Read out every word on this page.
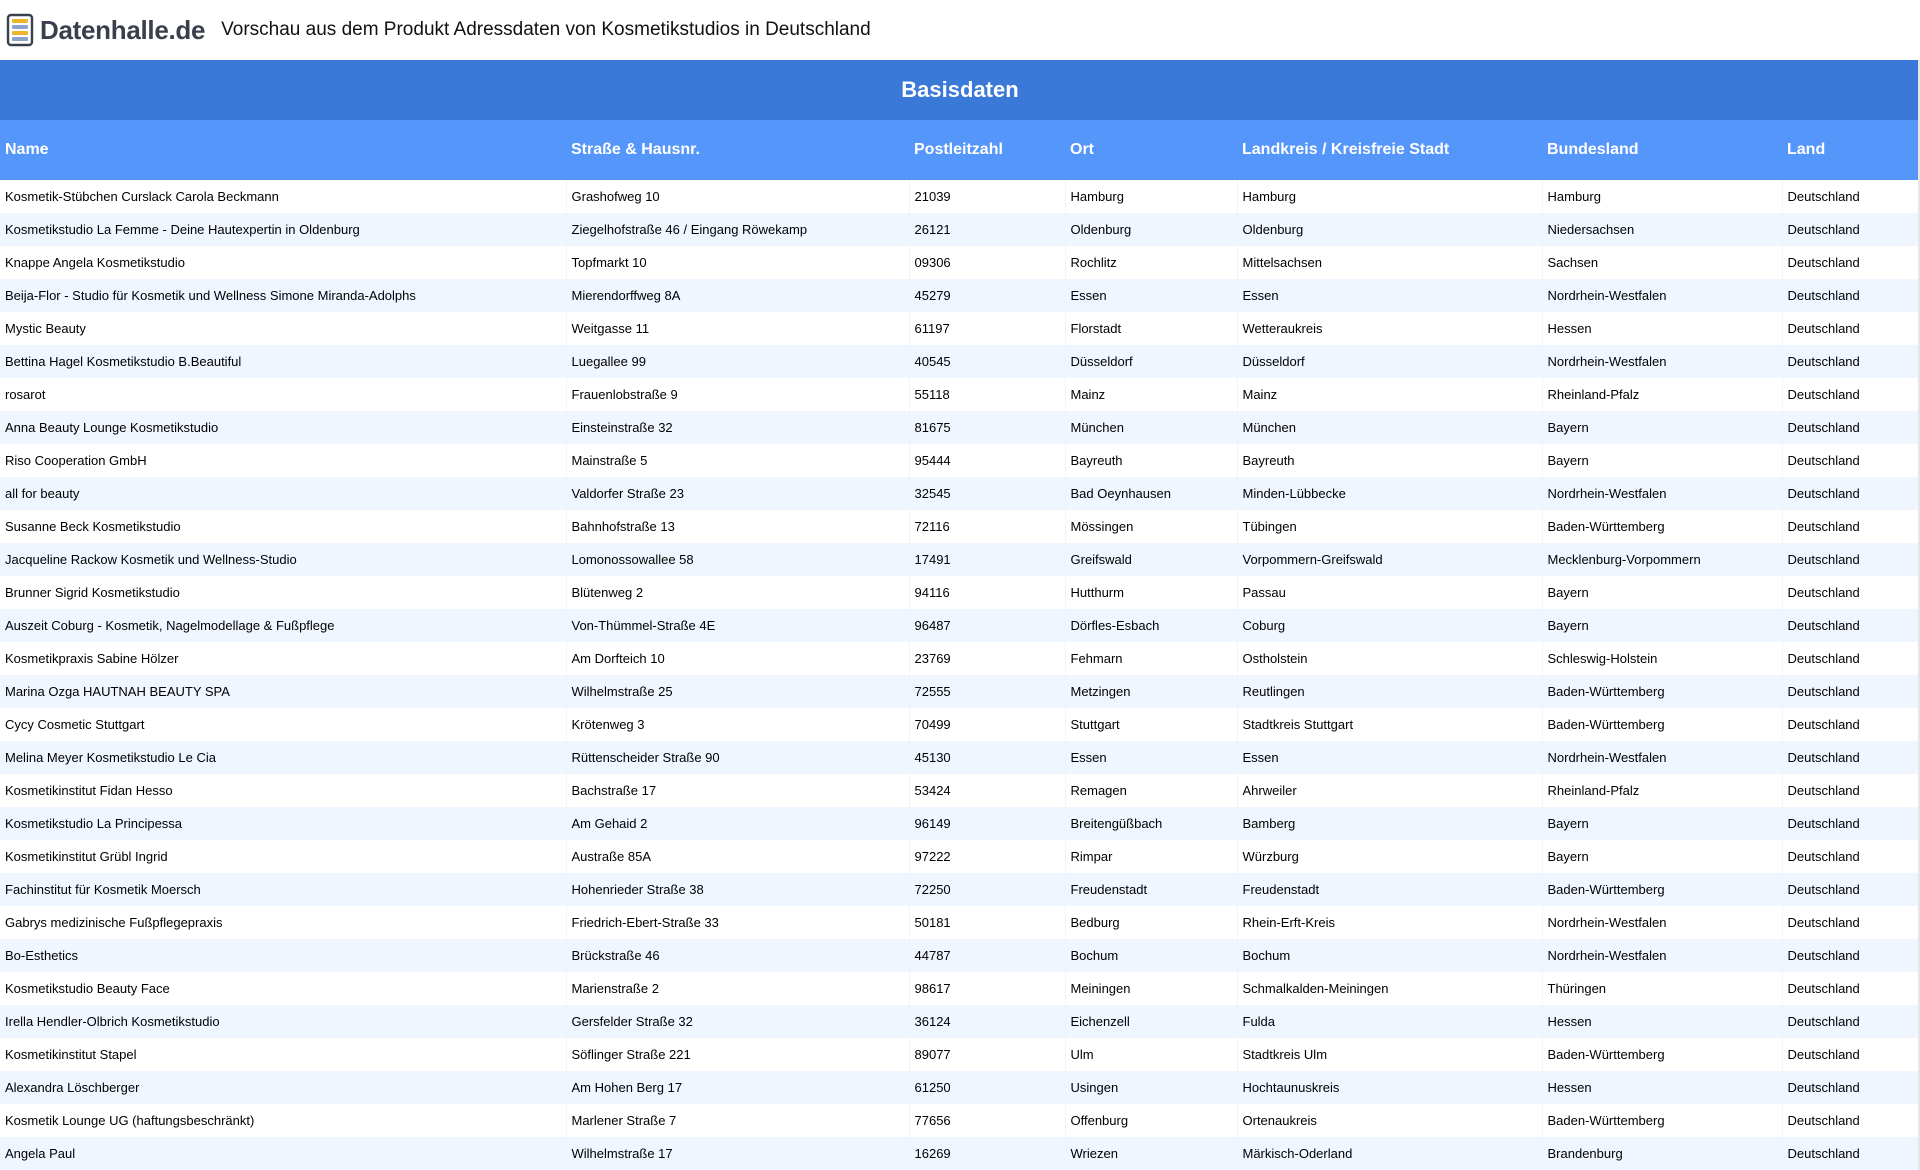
Datenhalle.de Vorschau aus dem Produkt Adressdaten von Kosmetikstudios in Deutschland
Basisdaten
Name	Straße & Hausnr.	Postleitzahl	Ort	Landkreis / Kreisfreie Stadt	Bundesland	Land
Kosmetik-Stübchen Curslack Carola Beckmann	Grashofweg 10	21039	Hamburg	Hamburg	Hamburg	Deutschland
Kosmetikstudio La Femme - Deine Hautexpertin in Oldenburg	Ziegelhofstraße 46 / Eingang Röwekamp	26121	Oldenburg	Oldenburg	Niedersachsen	Deutschland
Knappe Angela Kosmetikstudio	Topfmarkt 10	09306	Rochlitz	Mittelsachsen	Sachsen	Deutschland
Beija-Flor - Studio für Kosmetik und Wellness Simone Miranda-Adolphs	Mierendorffweg 8A	45279	Essen	Essen	Nordrhein-Westfalen	Deutschland
Mystic Beauty	Weitgasse 11	61197	Florstadt	Wetteraukreis	Hessen	Deutschland
Bettina Hagel Kosmetikstudio B.Beautiful	Luegallee 99	40545	Düsseldorf	Düsseldorf	Nordrhein-Westfalen	Deutschland
rosarot	Frauenlobstraße 9	55118	Mainz	Mainz	Rheinland-Pfalz	Deutschland
Anna Beauty Lounge Kosmetikstudio	Einsteinstraße 32	81675	München	München	Bayern	Deutschland
Riso Cooperation GmbH	Mainstraße 5	95444	Bayreuth	Bayreuth	Bayern	Deutschland
all for beauty	Valdorfer Straße 23	32545	Bad Oeynhausen	Minden-Lübbecke	Nordrhein-Westfalen	Deutschland
Susanne Beck Kosmetikstudio	Bahnhofstraße 13	72116	Mössingen	Tübingen	Baden-Württemberg	Deutschland
Jacqueline Rackow Kosmetik und Wellness-Studio	Lomonossowallee 58	17491	Greifswald	Vorpommern-Greifswald	Mecklenburg-Vorpommern	Deutschland
Brunner Sigrid Kosmetikstudio	Blütenweg 2	94116	Hutthurm	Passau	Bayern	Deutschland
Auszeit Coburg - Kosmetik, Nagelmodellage & Fußpflege	Von-Thümmel-Straße 4E	96487	Dörfles-Esbach	Coburg	Bayern	Deutschland
Kosmetikpraxis Sabine Hölzer	Am Dorfteich 10	23769	Fehmarn	Ostholstein	Schleswig-Holstein	Deutschland
Marina Ozga HAUTNAH BEAUTY SPA	Wilhelmstraße 25	72555	Metzingen	Reutlingen	Baden-Württemberg	Deutschland
Cycy Cosmetic Stuttgart	Krötenweg 3	70499	Stuttgart	Stadtkreis Stuttgart	Baden-Württemberg	Deutschland
Melina Meyer Kosmetikstudio Le Cia	Rüttenscheider Straße 90	45130	Essen	Essen	Nordrhein-Westfalen	Deutschland
Kosmetikinstitut Fidan Hesso	Bachstraße 17	53424	Remagen	Ahrweiler	Rheinland-Pfalz	Deutschland
Kosmetikstudio La Principessa	Am Gehaid 2	96149	Breitengüßbach	Bamberg	Bayern	Deutschland
Kosmetikinstitut Grübl Ingrid	Austraße 85A	97222	Rimpar	Würzburg	Bayern	Deutschland
Fachinstitut für Kosmetik Moersch	Hohenrieder Straße 38	72250	Freudenstadt	Freudenstadt	Baden-Württemberg	Deutschland
Gabrys medizinische Fußpflegepraxis	Friedrich-Ebert-Straße 33	50181	Bedburg	Rhein-Erft-Kreis	Nordrhein-Westfalen	Deutschland
Bo-Esthetics	Brückstraße 46	44787	Bochum	Bochum	Nordrhein-Westfalen	Deutschland
Kosmetikstudio Beauty Face	Marienstraße 2	98617	Meiningen	Schmalkalden-Meiningen	Thüringen	Deutschland
Irella Hendler-Olbrich Kosmetikstudio	Gersfelder Straße 32	36124	Eichenzell	Fulda	Hessen	Deutschland
Kosmetikinstitut Stapel	Söflinger Straße 221	89077	Ulm	Stadtkreis Ulm	Baden-Württemberg	Deutschland
Alexandra Löschberger	Am Hohen Berg 17	61250	Usingen	Hochtaunuskreis	Hessen	Deutschland
Kosmetik Lounge UG (haftungsbeschränkt)	Marlener Straße 7	77656	Offenburg	Ortenaukreis	Baden-Württemberg	Deutschland
Angela Paul	Wilhelmstraße 17	16269	Wriezen	Märkisch-Oderland	Brandenburg	Deutschland
